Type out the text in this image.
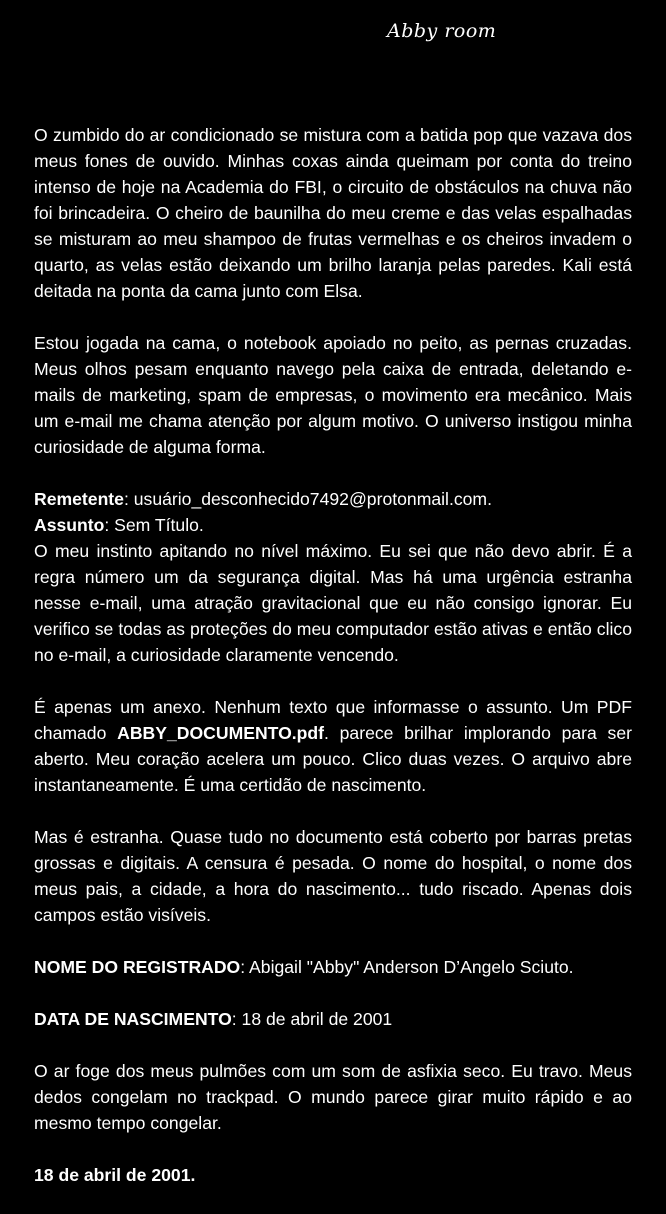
Abby room

O zumbido do ar condicionado se mistura com a batida pop que vazava dos meus fones de ouvido. Minhas coxas ainda queimam por conta do treino intenso de hoje na Academia do FBI, o circuito de obstáculos na chuva não foi brincadeira. O cheiro de baunilha do meu creme e das velas espalhadas se misturam ao meu shampoo de frutas vermelhas e os cheiros invadem o quarto, as velas estão deixando um brilho laranja pelas paredes. Kali está deitada na ponta da cama junto com Elsa.

Estou jogada na cama, o notebook apoiado no peito, as pernas cruzadas. Meus olhos pesam enquanto navego pela caixa de entrada, deletando e-mails de marketing, spam de empresas, o movimento era mecânico. Mais um e-mail me chama atenção por algum motivo. O universo instigou minha curiosidade de alguma forma.

Remetente: usuário_desconhecido7492@protonmail.com.
Assunto: Sem Título.

O meu instinto apitando no nível máximo. Eu sei que não devo abrir. É a regra número um da segurança digital. Mas há uma urgência estranha nesse e-mail, uma atração gravitacional que eu não consigo ignorar. Eu verifico se todas as proteções do meu computador estão ativas e então clico no e-mail, a curiosidade claramente vencendo.

É apenas um anexo. Nenhum texto que informasse o assunto. Um PDF chamado ABBY_DOCUMENTO.pdf. parece brilhar implorando para ser aberto. Meu coração acelera um pouco. Clico duas vezes. O arquivo abre instantaneamente. É uma certidão de nascimento.

Mas é estranha. Quase tudo no documento está coberto por barras pretas grossas e digitais. A censura é pesada. O nome do hospital, o nome dos meus pais, a cidade, a hora do nascimento... tudo riscado. Apenas dois campos estão visíveis.

NOME DO REGISTRADO: Abigail "Abby" Anderson D’Angelo Sciuto.

DATA DE NASCIMENTO: 18 de abril de 2001

O ar foge dos meus pulmões com um som de asfixia seco. Eu travo. Meus dedos congelam no trackpad. O mundo parece girar muito rápido e ao mesmo tempo congelar.

18 de abril de 2001.
